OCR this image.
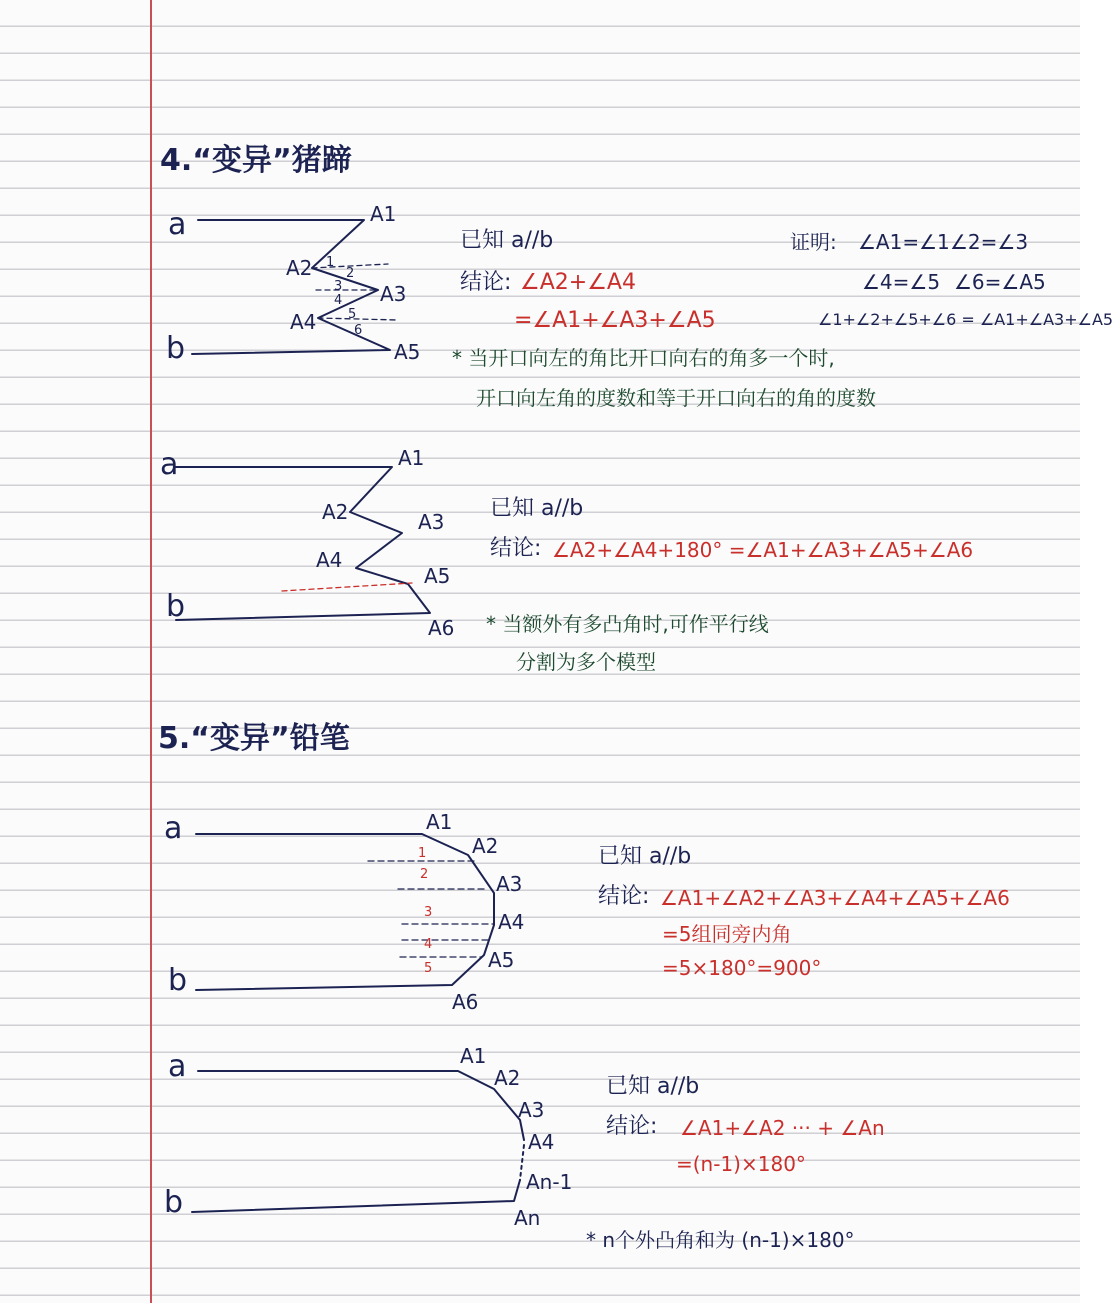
4.“变异”猪蹄
a
b
A1
A2
A3
A4
A5
1
2
3
4
5
6
已知 a//b
结论: ∠A2+∠A4
=∠A1+∠A3+∠A5
证明: ∠A1=∠1 ∠2=∠3
∠4=∠5 ∠6=∠A5
∠1+∠2+∠5+∠6 = ∠A1+∠A3+∠A5
* 当开口向左的角比开口向右的角多一个时,
开口向左角的度数和等于开口向右的角的度数
a
b
A1
A2	A3
A4
A5
A6
已知 a//b
结论: ∠A2+∠A4+180° =∠A1+∠A3+∠A5+∠A6
* 当额外有多凸角时,可作平行线
分割为多个模型
5.“变异”铅笔
a
b
A1
A2
A3
A4
A5
A6
1
2
3
4
5
已知 a//b
结论: ∠A1+∠A2+∠A3+∠A4+∠A5+∠A6
=5组同旁内角
=5×180°=900°
a
b
A1
A2
A3
A4
An-1
An
已知 a//b
结论: ∠A1+∠A2 ··· + ∠An
=(n-1)×180°
* n个外凸角和为 (n-1)×180°
